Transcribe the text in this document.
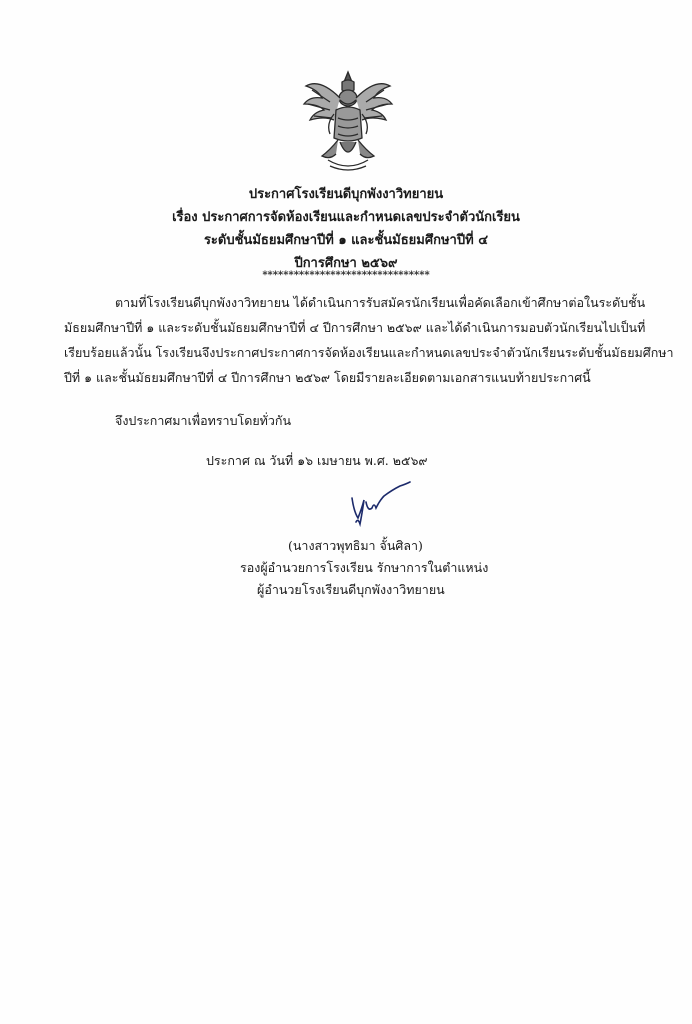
ประกาศโรงเรียนดีบุกพังงาวิทยายน
เรื่อง ประกาศการจัดห้องเรียนและกำหนดเลขประจำตัวนักเรียน
ระดับชั้นมัธยมศึกษาปีที่ ๑ และชั้นมัธยมศึกษาปีที่ ๔
ปีการศึกษา ๒๕๖๙
********************************
ตามที่โรงเรียนดีบุกพังงาวิทยายน ได้ดำเนินการรับสมัครนักเรียนเพื่อคัดเลือกเข้าศึกษาต่อในระดับชั้น
มัธยมศึกษาปีที่ ๑ และระดับชั้นมัธยมศึกษาปีที่ ๔ ปีการศึกษา ๒๕๖๙ และได้ดำเนินการมอบตัวนักเรียนไปเป็นที่
เรียบร้อยแล้วนั้น โรงเรียนจึงประกาศประกาศการจัดห้องเรียนและกำหนดเลขประจำตัวนักเรียนระดับชั้นมัธยมศึกษา
ปีที่ ๑ และชั้นมัธยมศึกษาปีที่ ๔ ปีการศึกษา ๒๕๖๙ โดยมีรายละเอียดตามเอกสารแนบท้ายประกาศนี้
จึงประกาศมาเพื่อทราบโดยทั่วกัน
ประกาศ ณ วันที่ ๑๖ เมษายน พ.ศ. ๒๕๖๙
(นางสาวพุทธิมา จั้นศิลา)
รองผู้อำนวยการโรงเรียน รักษาการในตำแหน่ง
ผู้อำนวยโรงเรียนดีบุกพังงาวิทยายน
